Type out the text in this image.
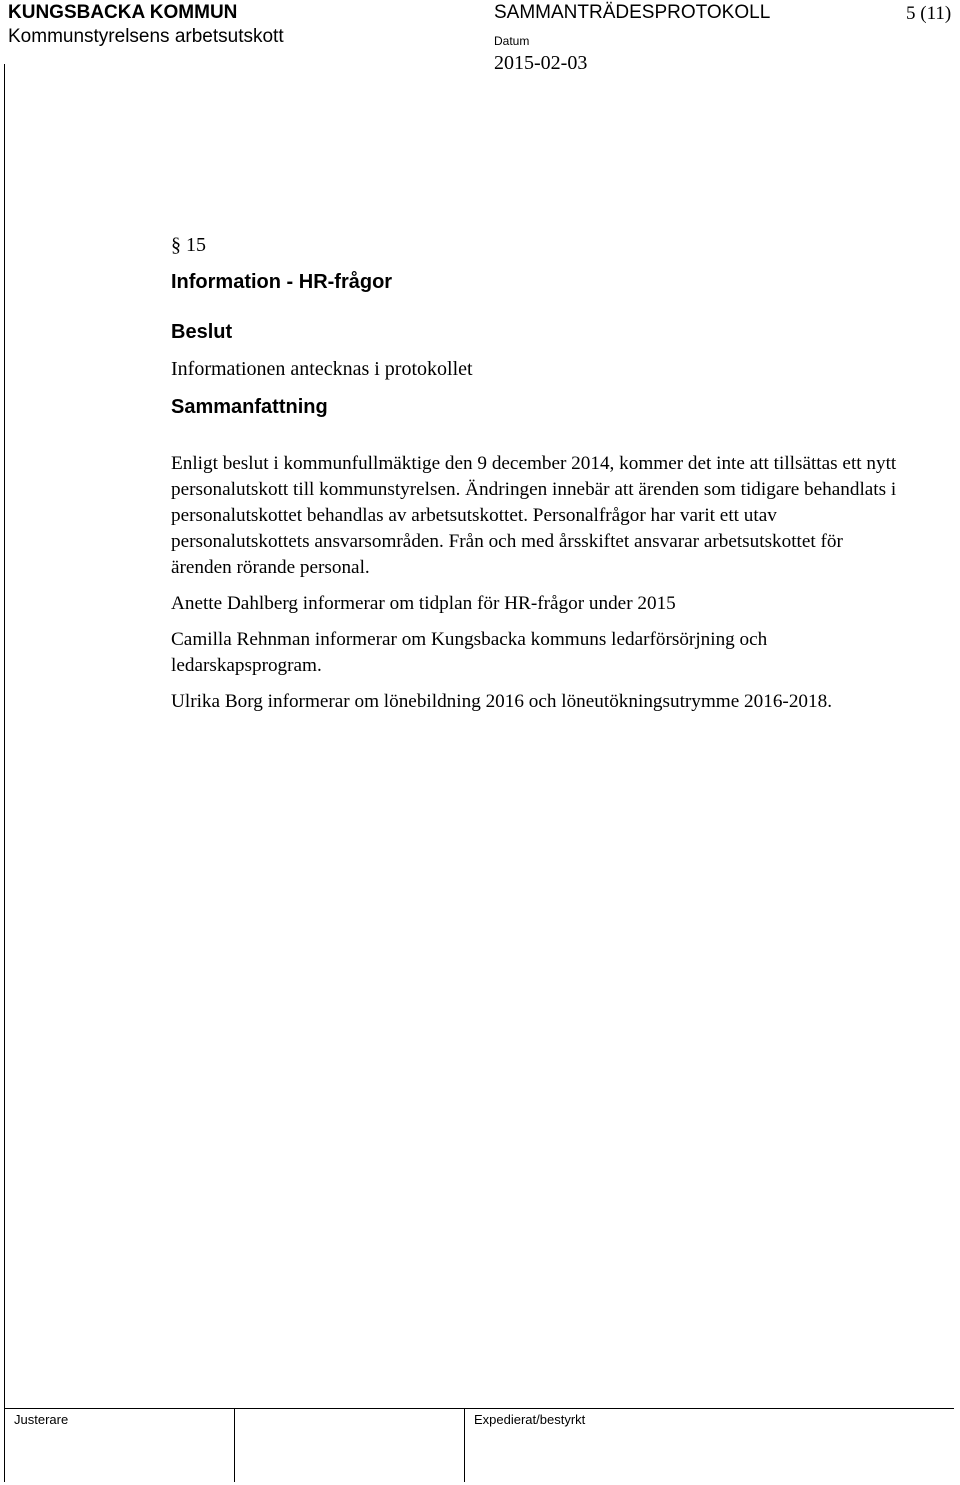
KUNGSBACKA KOMMUN
Kommunstyrelsens arbetsutskott
SAMMANTRÄDESPROTOKOLL	5 (11)
Datum
2015-02-03
§ 15
Information - HR-frågor
Beslut
Informationen antecknas i protokollet
Sammanfattning

Enligt beslut i kommunfullmäktige den 9 december 2014, kommer det inte att tillsättas ett nytt personalutskott till kommunstyrelsen. Ändringen innebär att ärenden som tidigare behandlats i personalutskottet behandlas av arbetsutskottet. Personalfrågor har varit ett utav personalutskottets ansvarsområden. Från och med årsskiftet ansvarar arbetsutskottet för ärenden rörande personal.

Anette Dahlberg informerar om tidplan för HR-frågor under 2015

Camilla Rehnman informerar om Kungsbacka kommuns ledarförsörjning och ledarskapsprogram.

Ulrika Borg informerar om lönebildning 2016 och löneutökningsutrymme 2016-2018.

Justerare	Expedierat/bestyrkt
